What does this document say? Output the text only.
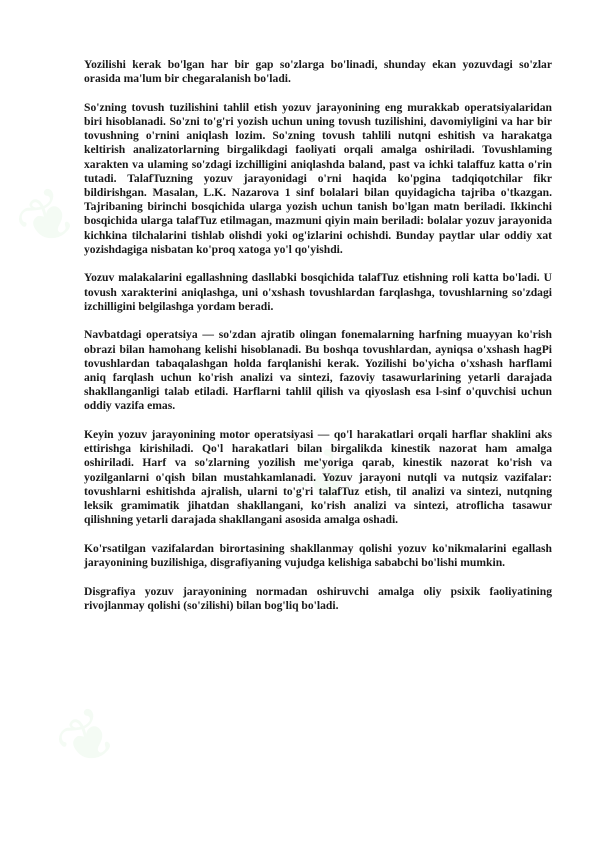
❦
❦
❦

Yozilishi kerak bo'lgan har bir gap so'zlarga bo'linadi, shunday ekan yozuvdagi so'zlar orasida ma'lum bir chegaralanish bo'ladi.

So'zning tovush tuzilishini tahlil etish yozuv jarayonining eng murakkab operatsiyalaridan biri hisoblanadi. So'zni to'g'ri yozish uchun uning tovush tuzilishini, davomiyligini va har bir tovushning o'rnini aniqlash lozim. So'zning tovush tahlili nutqni eshitish va harakatga keltirish analizatorlarning birgalikdagi faoliyati orqali amalga oshiriladi. Tovushlaming xarakten va ulaming so'zdagi izchilligini aniqlashda baland, past va ichki talaffuz katta o'rin tutadi. TalafTuzning yozuv jarayonidagi o'rni haqida ko'pgina tadqiqotchilar fikr bildirishgan. Masalan, L.K. Nazarova 1 sinf bolalari bilan quyidagicha tajriba o'tkazgan. Tajribaning birinchi bosqichida ularga yozish uchun tanish bo'lgan matn beriladi. Ikkinchi bosqichida ularga talafTuz etilmagan, mazmuni qiyin main beriladi: bolalar yozuv jarayonida kichkina tilchalarini tishlab olishdi yoki og'izlarini ochishdi. Bunday paytlar ular oddiy xat yozishdagiga nisbatan ko'proq xatoga yo'l qo'yishdi.

Yozuv malakalarini egallashning dasllabki bosqichida talafTuz etishning roli katta bo'ladi. U tovush xarakterini aniqlashga, uni o'xshash tovushlardan farqlashga, tovushlarning so'zdagi izchilligini belgilashga yordam beradi.

Navbatdagi operatsiya — so'zdan ajratib olingan fonemalarning harfning muayyan ko'rish obrazi bilan hamohang kelishi hisoblanadi. Bu boshqa tovushlardan, ayniqsa o'xshash hagPi tovushlardan tabaqalashgan holda farqlanishi kerak. Yozilishi bo'yicha o'xshash harflami aniq farqlash uchun ko'rish analizi va sintezi, fazoviy tasawurlarining yetarli darajada shakllanganligi talab etiladi. Harflarni tahlil qilish va qiyoslash esa l-sinf o'quvchisi uchun oddiy vazifa emas.

Keyin yozuv jarayonining motor operatsiyasi — qo'l harakatlari orqali harflar shaklini aks ettirishga kirishiladi. Qo'l harakatlari bilan birgalikda kinestik nazorat ham amalga oshiriladi. Harf va so'zlarning yozilish me'yoriga qarab, kinestik nazorat ko'rish va yozilganlarni o'qish bilan mustahkamlanadi. Yozuv jarayoni nutqli va nutqsiz vazifalar: tovushlarni eshitishda ajralish, ularni to'g'ri talafTuz etish, til analizi va sintezi, nutqning leksik gramimatik jihatdan shakllangani, ko'rish analizi va sintezi, atroflicha tasawur qilishning yetarli darajada shakllangani asosida amalga oshadi.

Ko'rsatilgan vazifalardan birortasining shakllanmay qolishi yozuv ko'nikmalarini egallash jarayonining buzilishiga, disgrafiyaning vujudga kelishiga sababchi bo'lishi mumkin.

Disgrafiya yozuv jarayonining normadan oshiruvchi amalga oliy psixik faoliyatining rivojlanmay qolishi (so'zilishi) bilan bog'liq bo'ladi.
